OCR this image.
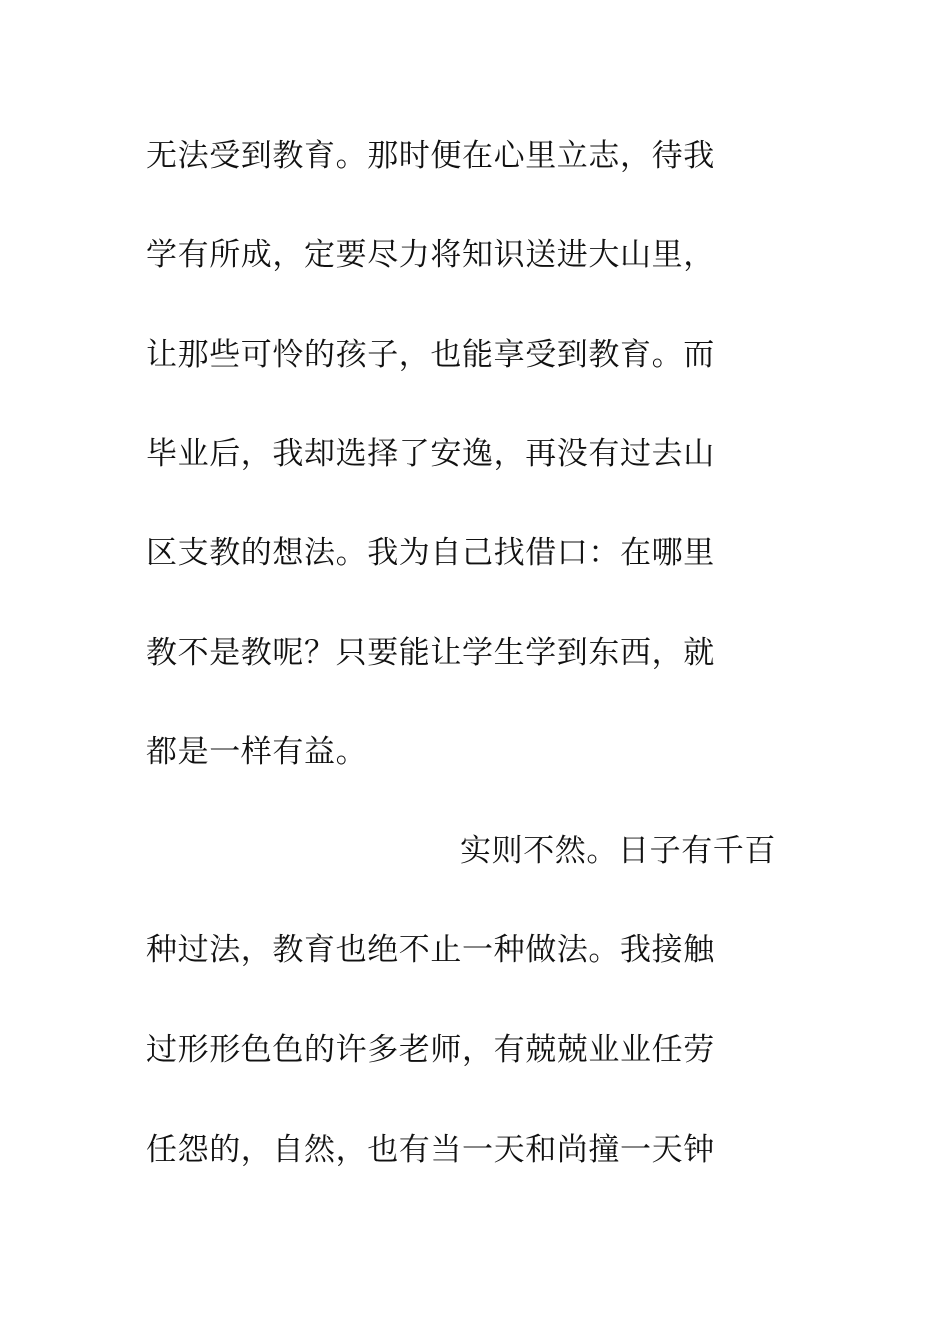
无法受到教育。那时便在心里立志，待我
学有所成，定要尽力将知识送进大山里，
让那些可怜的孩子，也能享受到教育。而
毕业后，我却选择了安逸，再没有过去山
区支教的想法。我为自己找借口：在哪里
教不是教呢？只要能让学生学到东西，就
都是一样有益。
实则不然。日子有千百
种过法，教育也绝不止一种做法。我接触
过形形色色的许多老师，有兢兢业业任劳
任怨的，自然，也有当一天和尚撞一天钟
